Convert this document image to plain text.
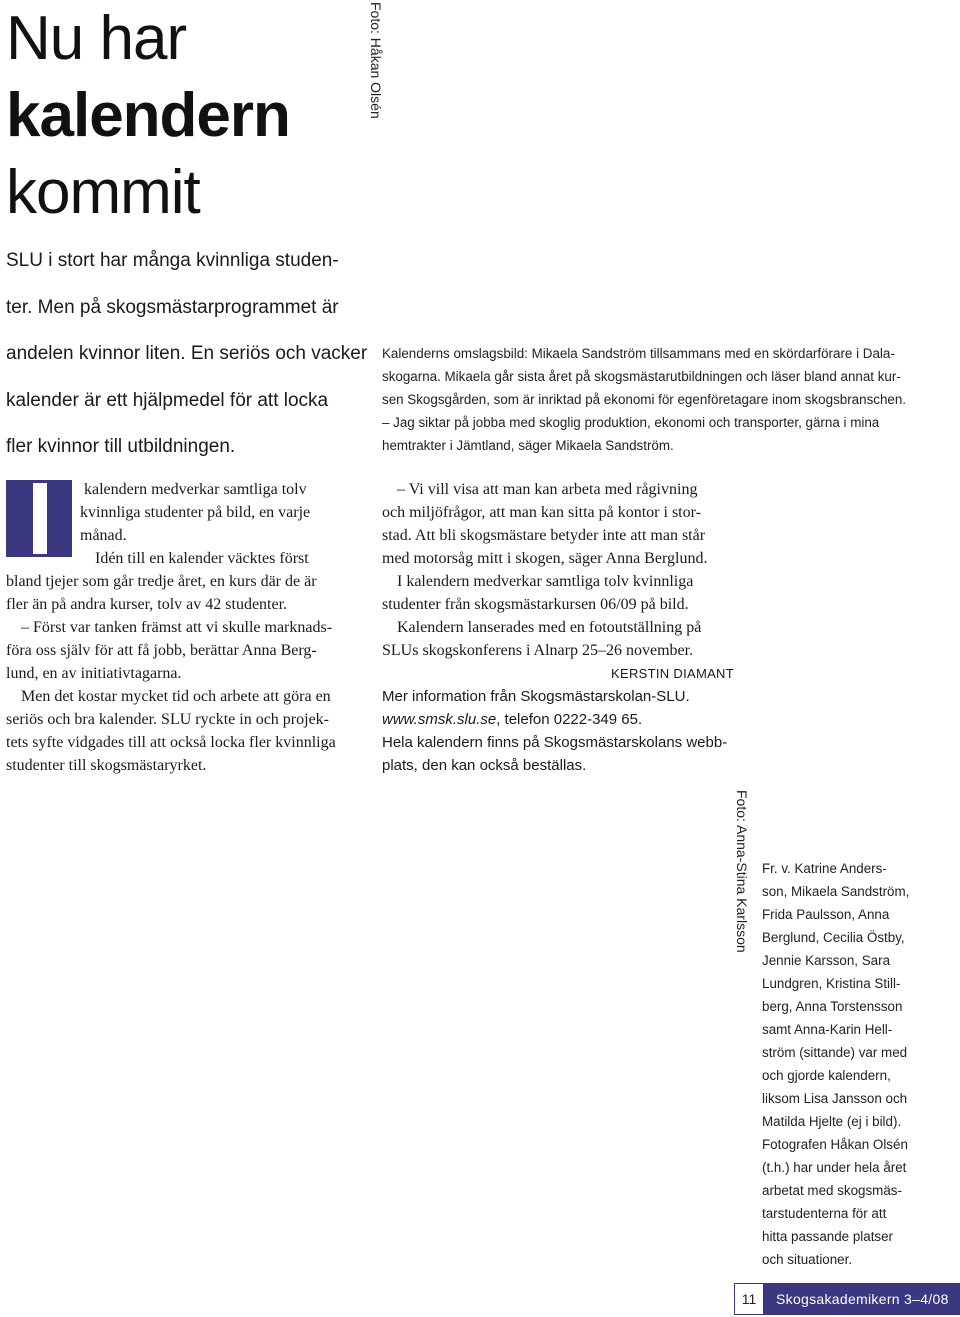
Nu har
kalendern
kommit
Foto: Håkan Olsén
SLU i stort har många kvinnliga studen-
ter. Men på skogsmästarprogrammet är
andelen kvinnor liten. En seriös och vacker
kalender är ett hjälpmedel för att locka
fler kvinnor till utbildningen.
Kalenderns omslagsbild: Mikaela Sandström tillsammans med en skördarförare i Dala-
skogarna. Mikaela går sista året på skogsmästarutbildningen och läser bland annat kur-
sen Skogsgården, som är inriktad på ekonomi för egenföretagare inom skogsbranschen.
– Jag siktar på jobba med skoglig produktion, ekonomi och transporter, gärna i mina
hemtrakter i Jämtland, säger Mikaela Sandström.
kalendern medverkar samtliga tolv
kvinnliga studenter på bild, en varje
månad.
Idén till en kalender väcktes först
bland tjejer som går tredje året, en kurs där de är
fler än på andra kurser, tolv av 42 studenter.
– Först var tanken främst att vi skulle marknads-
föra oss själv för att få jobb, berättar Anna Berg-
lund, en av initiativtagarna.
Men det kostar mycket tid och arbete att göra en
seriös och bra kalender. SLU ryckte in och projek-
tets syfte vidgades till att också locka fler kvinnliga
studenter till skogsmästaryrket.
– Vi vill visa att man kan arbeta med rågivning
och miljöfrågor, att man kan sitta på kontor i stor-
stad. Att bli skogsmästare betyder inte att man står
med motorsåg mitt i skogen, säger Anna Berglund.
I kalendern medverkar samtliga tolv kvinnliga
studenter från skogsmästarkursen 06/09 på bild.
Kalendern lanserades med en fotoutställning på
SLUs skogskonferens i Alnarp 25–26 november.
KERSTIN DIAMANT
Mer information från Skogsmästarskolan-SLU.
www.smsk.slu.se, telefon 0222-349 65.
Hela kalendern finns på Skogsmästarskolans webb-
plats, den kan också beställas.
Foto: Anna-Stina Karlsson Fr. v. Katrine Anders-
son, Mikaela Sandström,
Frida Paulsson, Anna
Berglund, Cecilia Östby,
Jennie Karsson, Sara
Lundgren, Kristina Still-
berg, Anna Torstensson
samt Anna-Karin Hell-
ström (sittande) var med
och gjorde kalendern,
liksom Lisa Jansson och
Matilda Hjelte (ej i bild).
Fotografen Håkan Olsén
(t.h.) har under hela året
arbetat med skogsmäs-
tarstudenterna för att
hitta passande platser
och situationer.
11	Skogsakademikern 3–4/08
